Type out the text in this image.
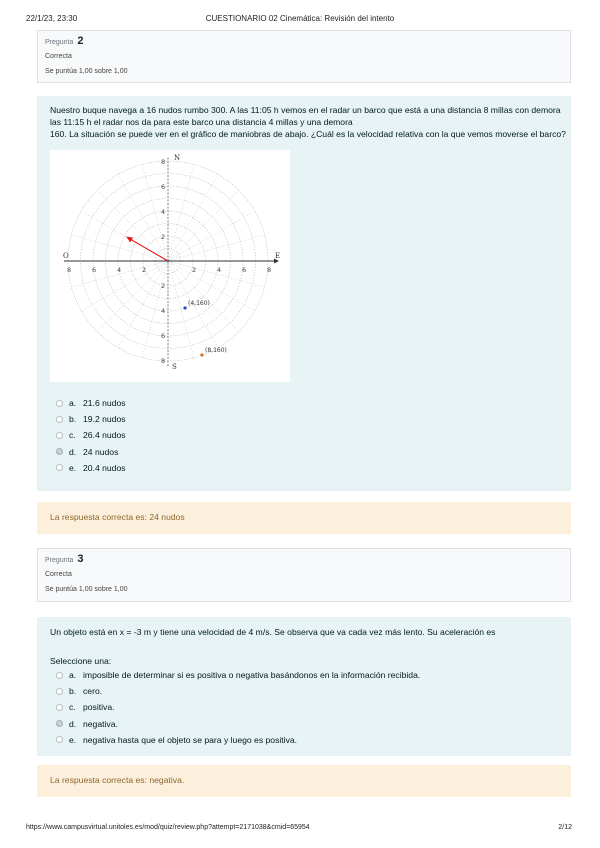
22/1/23, 23:30	CUESTIONARIO 02 Cinemática: Revisión del intento
Pregunta 2
Correcta
Se puntúa 1,00 sobre 1,00
Nuestro buque navega a 16 nudos rumbo 300. A las 11:05 h vemos en el radar un barco que está a una distancia 8 millas con demora
las 11:15 h el radar nos da para este barco una distancia 4 millas y una demora
160. La situación se puede ver en el gráfico de maniobras de abajo. ¿Cuál es la velocidad relativa con la que vemos moverse el barco?
N
S
E
O
8	6	4	2	2	4	6	8
8
6
4
2
2
4
6
8
(4,160)
(8,160)
a. 21.6 nudos
b. 19.2 nudos
c. 26.4 nudos
d. 24 nudos
e. 20.4 nudos
La respuesta correcta es: 24 nudos
Pregunta 3
Correcta
Se puntúa 1,00 sobre 1,00
Un objeto está en x = -3 m y tiene una velocidad de 4 m/s. Se observa que va cada vez más lento. Su aceleración es
Seleccione una:
a. imposible de determinar si es positiva o negativa basándonos en la información recibida.
b. cero.
c. positiva.
d. negativa.
e. negativa hasta que el objeto se para y luego es positiva.
La respuesta correcta es: negativa.
https://www.campusvirtual.unitoles.es/mod/quiz/review.php?attempt=2171038&cmid=65954	2/12
